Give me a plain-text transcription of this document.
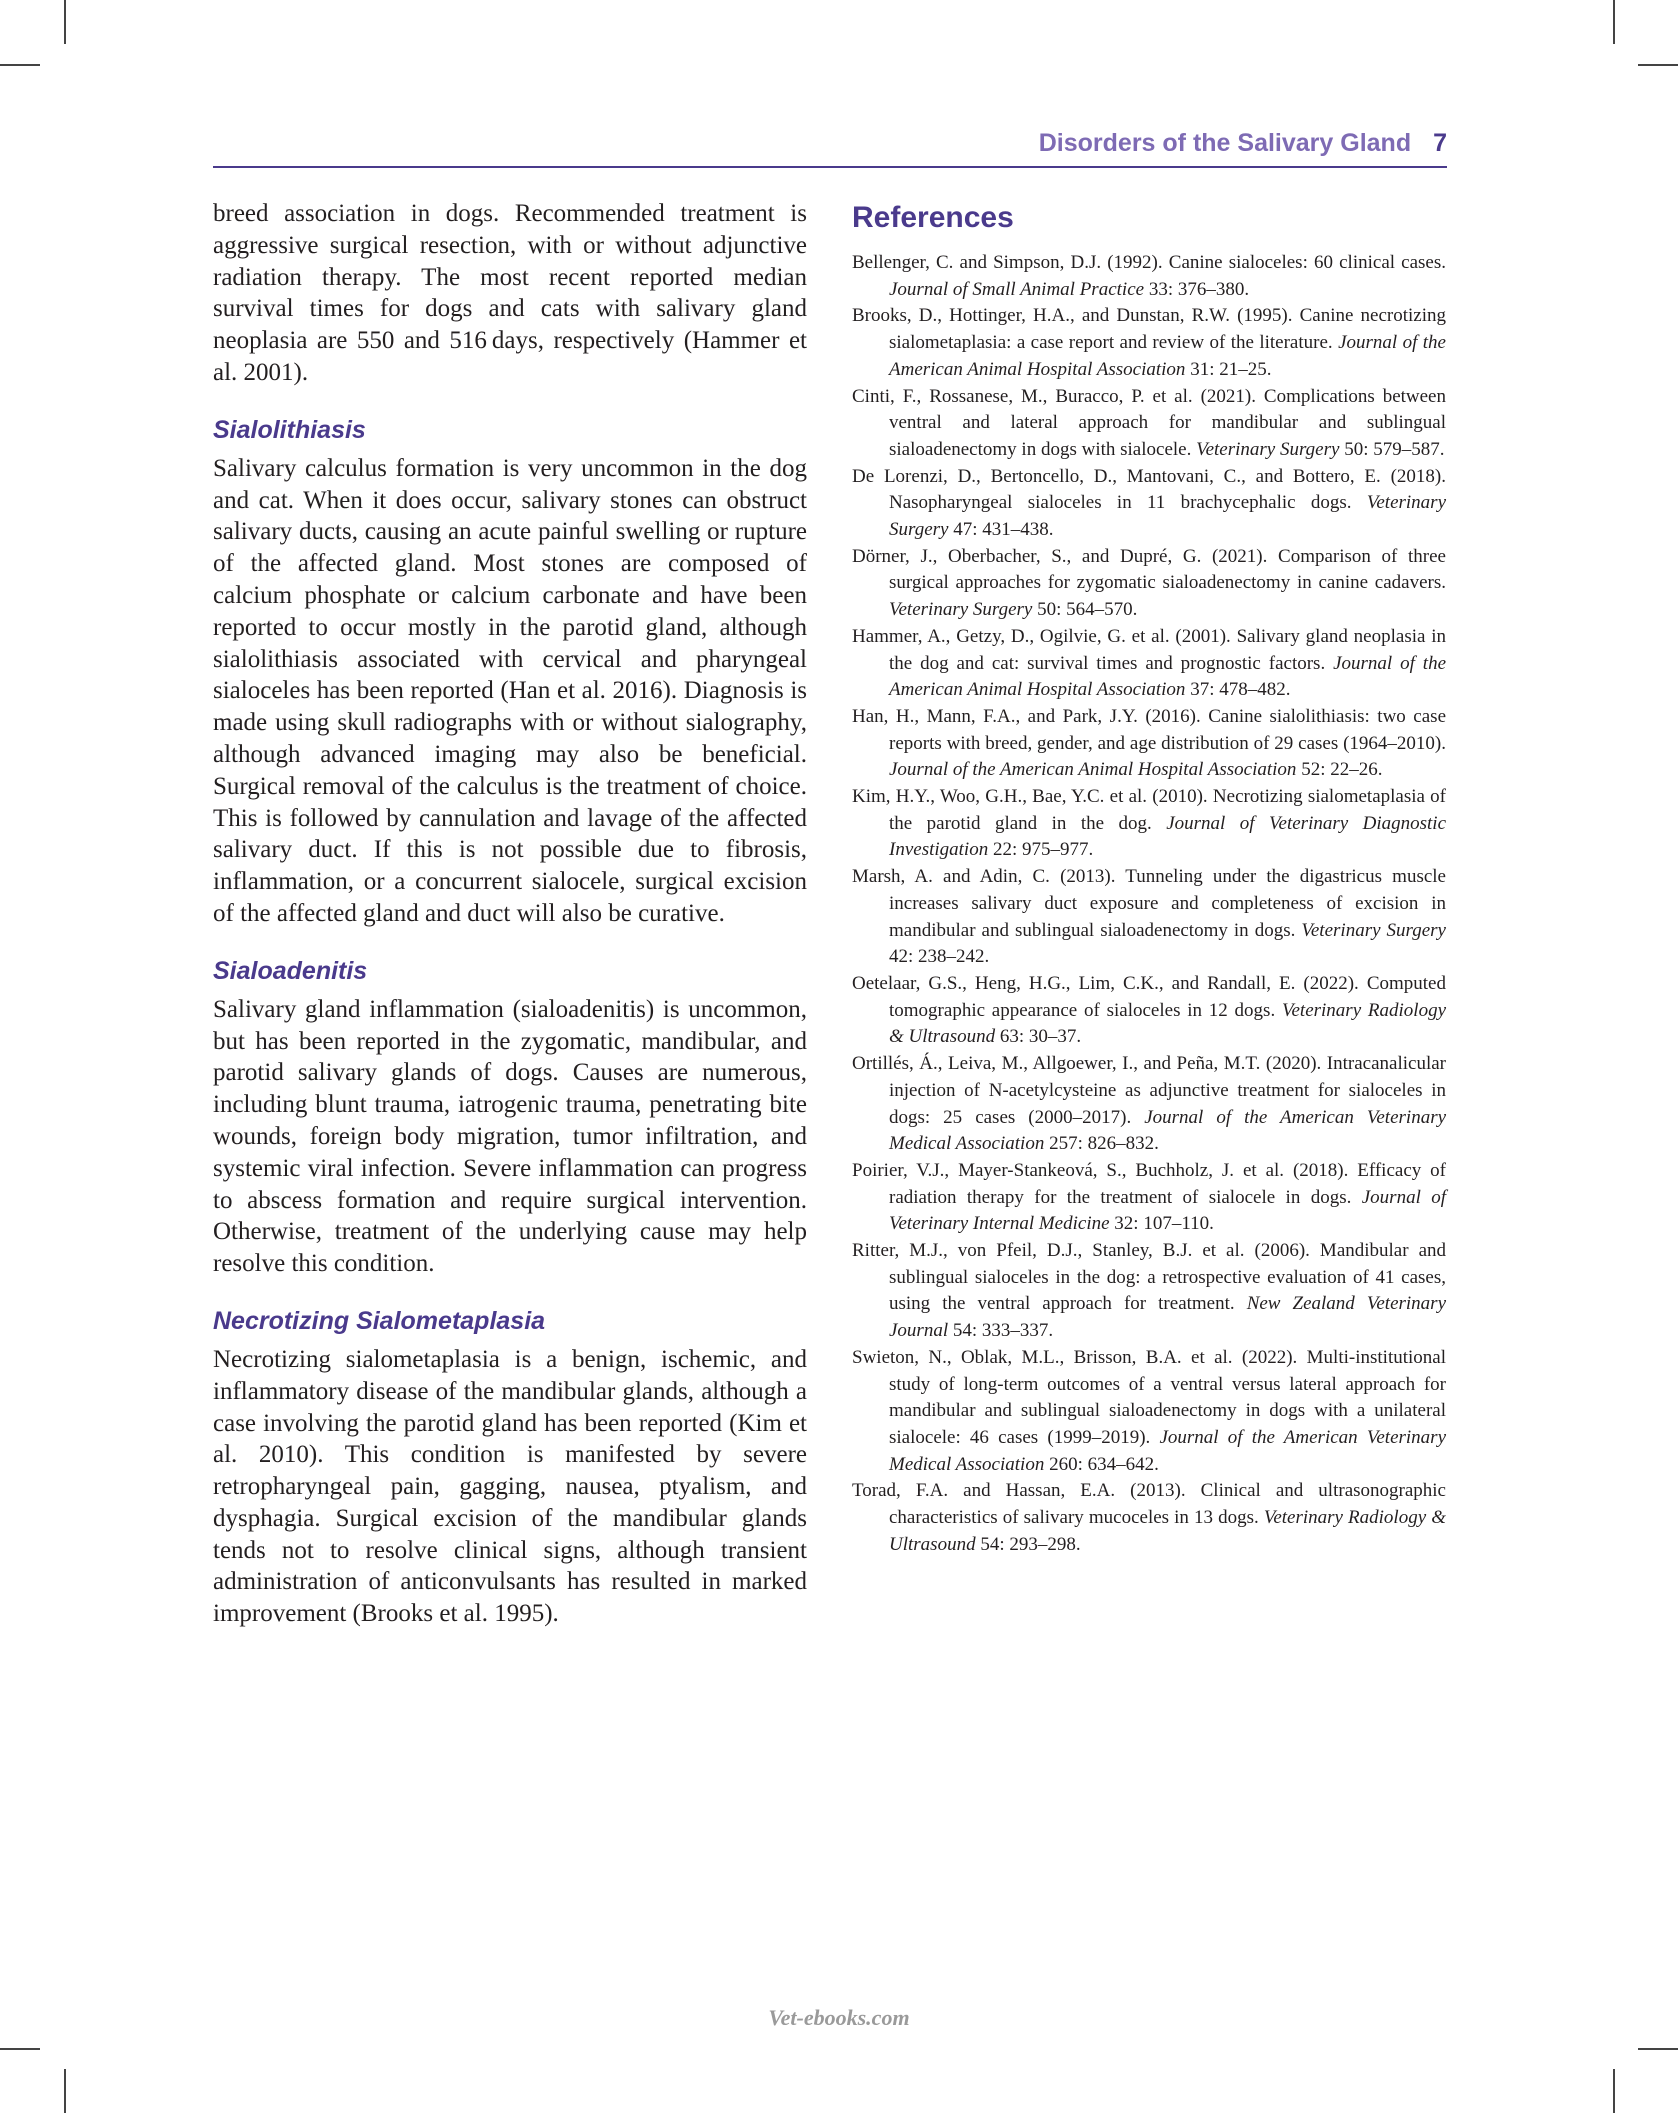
Disorders of the Salivary Gland 7

breed association in dogs. Recommended treatment is aggressive surgical resection, with or without adjunctive radiation therapy. The most recent reported median survival times for dogs and cats with salivary gland neoplasia are 550 and 516 days, respectively (Hammer et al. 2001).

Sialolithiasis

Salivary calculus formation is very uncommon in the dog and cat. When it does occur, salivary stones can obstruct salivary ducts, causing an acute painful swelling or rupture of the affected gland. Most stones are composed of calcium phosphate or calcium carbonate and have been reported to occur mostly in the parotid gland, although sialolithiasis associated with cervical and pharyngeal sialoceles has been reported (Han et al. 2016). Diagnosis is made using skull radiographs with or without sialography, although advanced imaging may also be beneficial. Surgical removal of the calculus is the treatment of choice. This is followed by cannulation and lavage of the affected salivary duct. If this is not possible due to fibrosis, inflammation, or a concurrent sialocele, surgical excision of the affected gland and duct will also be curative.

Sialoadenitis

Salivary gland inflammation (sialoadenitis) is uncommon, but has been reported in the zygomatic, mandibular, and parotid salivary glands of dogs. Causes are numerous, including blunt trauma, iatrogenic trauma, penetrating bite wounds, foreign body migration, tumor infiltration, and systemic viral infection. Severe inflammation can progress to abscess formation and require surgical intervention. Otherwise, treatment of the underlying cause may help resolve this condition.

Necrotizing Sialometaplasia

Necrotizing sialometaplasia is a benign, ischemic, and inflammatory disease of the mandibular glands, although a case involving the parotid gland has been reported (Kim et al. 2010). This condition is manifested by severe retropharyngeal pain, gagging, nausea, ptyalism, and dysphagia. Surgical excision of the mandibular glands tends not to resolve clinical signs, although transient administration of anticonvulsants has resulted in marked improvement (Brooks et al. 1995).

References

Bellenger, C. and Simpson, D.J. (1992). Canine sialoceles: 60 clinical cases. Journal of Small Animal Practice 33: 376–380.

Brooks, D., Hottinger, H.A., and Dunstan, R.W. (1995). Canine necrotizing sialometaplasia: a case report and review of the literature. Journal of the American Animal Hospital Association 31: 21–25.

Cinti, F., Rossanese, M., Buracco, P. et al. (2021). Complications between ventral and lateral approach for mandibular and sublingual sialoadenectomy in dogs with sialocele. Veterinary Surgery 50: 579–587.

De Lorenzi, D., Bertoncello, D., Mantovani, C., and Bottero, E. (2018). Nasopharyngeal sialoceles in 11 brachycephalic dogs. Veterinary Surgery 47: 431–438.

Dörner, J., Oberbacher, S., and Dupré, G. (2021). Comparison of three surgical approaches for zygomatic sialoadenectomy in canine cadavers. Veterinary Surgery 50: 564–570.

Hammer, A., Getzy, D., Ogilvie, G. et al. (2001). Salivary gland neoplasia in the dog and cat: survival times and prognostic factors. Journal of the American Animal Hospital Association 37: 478–482.

Han, H., Mann, F.A., and Park, J.Y. (2016). Canine sialolithiasis: two case reports with breed, gender, and age distribution of 29 cases (1964–2010). Journal of the American Animal Hospital Association 52: 22–26.

Kim, H.Y., Woo, G.H., Bae, Y.C. et al. (2010). Necrotizing sialometaplasia of the parotid gland in the dog. Journal of Veterinary Diagnostic Investigation 22: 975–977.

Marsh, A. and Adin, C. (2013). Tunneling under the digastricus muscle increases salivary duct exposure and completeness of excision in mandibular and sublingual sialoadenectomy in dogs. Veterinary Surgery 42: 238–242.

Oetelaar, G.S., Heng, H.G., Lim, C.K., and Randall, E. (2022). Computed tomographic appearance of sialoceles in 12 dogs. Veterinary Radiology & Ultrasound 63: 30–37.

Ortillés, Á., Leiva, M., Allgoewer, I., and Peña, M.T. (2020). Intracanalicular injection of N-acetylcysteine as adjunctive treatment for sialoceles in dogs: 25 cases (2000–2017). Journal of the American Veterinary Medical Association 257: 826–832.

Poirier, V.J., Mayer-Stankeová, S., Buchholz, J. et al. (2018). Efficacy of radiation therapy for the treatment of sialocele in dogs. Journal of Veterinary Internal Medicine 32: 107–110.

Ritter, M.J., von Pfeil, D.J., Stanley, B.J. et al. (2006). Mandibular and sublingual sialoceles in the dog: a retrospective evaluation of 41 cases, using the ventral approach for treatment. New Zealand Veterinary Journal 54: 333–337.

Swieton, N., Oblak, M.L., Brisson, B.A. et al. (2022). Multi-institutional study of long-term outcomes of a ventral versus lateral approach for mandibular and sublingual sialoadenectomy in dogs with a unilateral sialocele: 46 cases (1999–2019). Journal of the American Veterinary Medical Association 260: 634–642.

Torad, F.A. and Hassan, E.A. (2013). Clinical and ultrasonographic characteristics of salivary mucoceles in 13 dogs. Veterinary Radiology & Ultrasound 54: 293–298.

Vet-ebooks.com
